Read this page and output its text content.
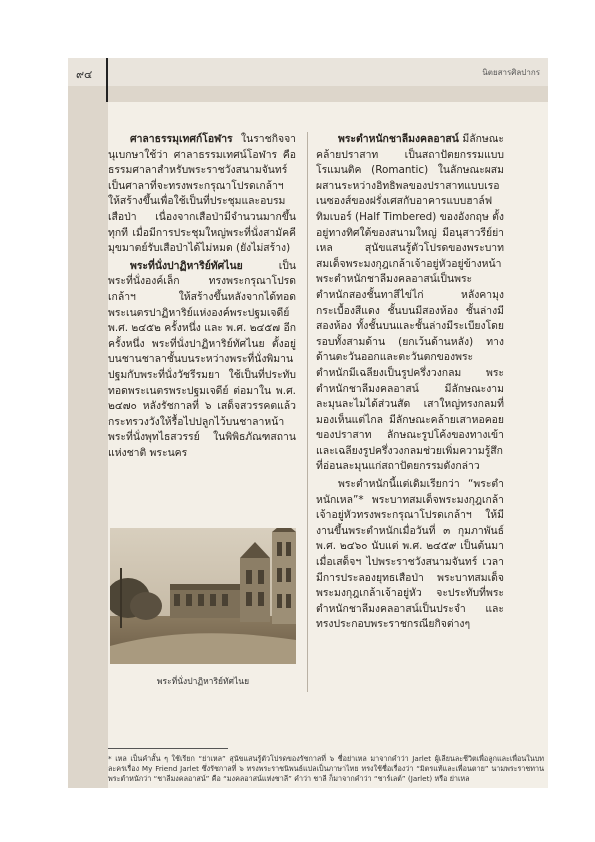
๙๔	นิตยสารศิลปากร

ศาลาธรรมุเทศก์โอฬาร ในราชกิจจานุเบกษาใช้ว่า ศาลาธรรมเทศน์โอฬาร คือ ธรรมศาลาสำหรับพระราชวังสนามจันทร์ เป็นศาลาที่จะทรงพระกรุณาโปรดเกล้าฯ ให้สร้างขึ้นเพื่อใช้เป็นที่ประชุมและอบรมเสือป่า เนื่องจากเสือป่ามีจำนวนมากขึ้นทุกที เมื่อมีการประชุมใหญ่พระที่นั่งสามัคคีมุขมาตย์รับเสือป่าได้ไม่หมด (ยังไม่สร้าง)

พระที่นั่งปาฏิหาริย์ทัศไนย เป็นพระที่นั่งองค์เล็ก ทรงพระกรุณาโปรดเกล้าฯ ให้สร้างขึ้นหลังจากได้ทอดพระเนตรปาฏิหาริย์แห่งองค์พระปฐมเจดีย์ พ.ศ. ๒๔๕๒ ครั้งหนึ่ง และ พ.ศ. ๒๔๕๗ อีกครั้งหนึ่ง พระที่นั่งปาฏิหาริย์ทัศไนย ตั้งอยู่บนชานชาลาชั้นบนระหว่างพระที่นั่งพิมานปฐมกับพระที่นั่งวัชรีรมยา ใช้เป็นที่ประทับทอดพระเนตรพระปฐมเจดีย์ ต่อมาใน พ.ศ. ๒๔๗๐ หลังรัชกาลที่ ๖ เสด็จสวรรคตแล้ว กระทรวงวังให้รื้อไปปลูกไว้บนชาลาหน้าพระที่นั่งพุทไธสวรรย์ ในพิพิธภัณฑสถานแห่งชาติ พระนคร

พระที่นั่งปาฏิหาริย์ทัศไนย

พระตำหนักชาลีมงคลอาสน์ มีลักษณะคล้ายปราสาท เป็นสถาปัตยกรรมแบบโรแมนติค (Romantic) ในลักษณะผสมผสานระหว่างอิทธิพลของปราสาทแบบเรอเนซองส์ของฝรั่งเศสกับอาคารแบบฮาล์ฟทิมเบอร์ (Half Timbered) ของอังกฤษ ตั้งอยู่ทางทิศใต้ของสนามใหญ่ มีอนุสาวรีย์ย่าเหล สุนัขแสนรู้ตัวโปรดของพระบาทสมเด็จพระมงกุฎเกล้าเจ้าอยู่หัวอยู่ข้างหน้า พระตำหนักชาลีมงคลอาสน์เป็นพระตำหนักสองชั้นทาสีไข่ไก่ หลังคามุงกระเบื้องสีแดง ชั้นบนมีสองห้อง ชั้นล่างมีสองห้อง ทั้งชั้นบนและชั้นล่างมีระเบียงโดยรอบทั้งสามด้าน (ยกเว้นด้านหลัง) ทางด้านตะวันออกและตะวันตกของพระตำหนักมีเฉลียงเป็นรูปครึ่งวงกลม พระตำหนักชาลีมงคลอาสน์ มีลักษณะงามละมุนละไมได้ส่วนสัด เสาใหญ่ทรงกลมที่มองเห็นแต่ไกล มีลักษณะคล้ายเสาหอคอยของปราสาท ลักษณะรูปโค้งของทางเข้าและเฉลียงรูปครึ่งวงกลมช่วยเพิ่มความรู้สึกที่อ่อนละมุนแก่สถาปัตยกรรมดังกล่าว

พระตำหนักนี้แต่เดิมเรียกว่า “พระตำหนักเหล”* พระบาทสมเด็จพระมงกุฎเกล้าเจ้าอยู่หัวทรงพระกรุณาโปรดเกล้าฯ ให้มีงานขึ้นพระตำหนักเมื่อวันที่ ๓ กุมภาพันธ์ พ.ศ. ๒๔๖๐ นับแต่ พ.ศ. ๒๔๕๙ เป็นต้นมา เมื่อเสด็จฯ ไปพระราชวังสนามจันทร์ เวลามีการประลองยุทธเสือป่า พระบาทสมเด็จพระมงกุฎเกล้าเจ้าอยู่หัว จะประทับที่พระตำหนักชาลีมงคลอาสน์เป็นประจำ และทรงประกอบพระราชกรณียกิจต่างๆ

* เหล เป็นคำสั้น ๆ ใช้เรียก “ย่าเหล” สุนัขแสนรู้ตัวโปรดของรัชกาลที่ ๖ ชื่อย่าเหล มาจากคำว่า Jarlet ผู้เลียนละชีวิตเพื่อลูกและเพื่อนในบทละครเรื่อง My Friend Jarlet ซึ่งรัชกาลที่ ๖ ทรงพระราชนิพนธ์แปลเป็นภาษาไทย ทรงใช้ชื่อเรื่องว่า “มิตรแท้และเพื่อนตาย” นามพระราชทานพระตำหนักว่า “ชาลีมงคลอาสน์” คือ “มงคลอาสน์แห่งชาลี” คำว่า ชาลี ก็มาจากคำว่า “ชาร์เลต์” (Jarlet) หรือ ย่าเหล
